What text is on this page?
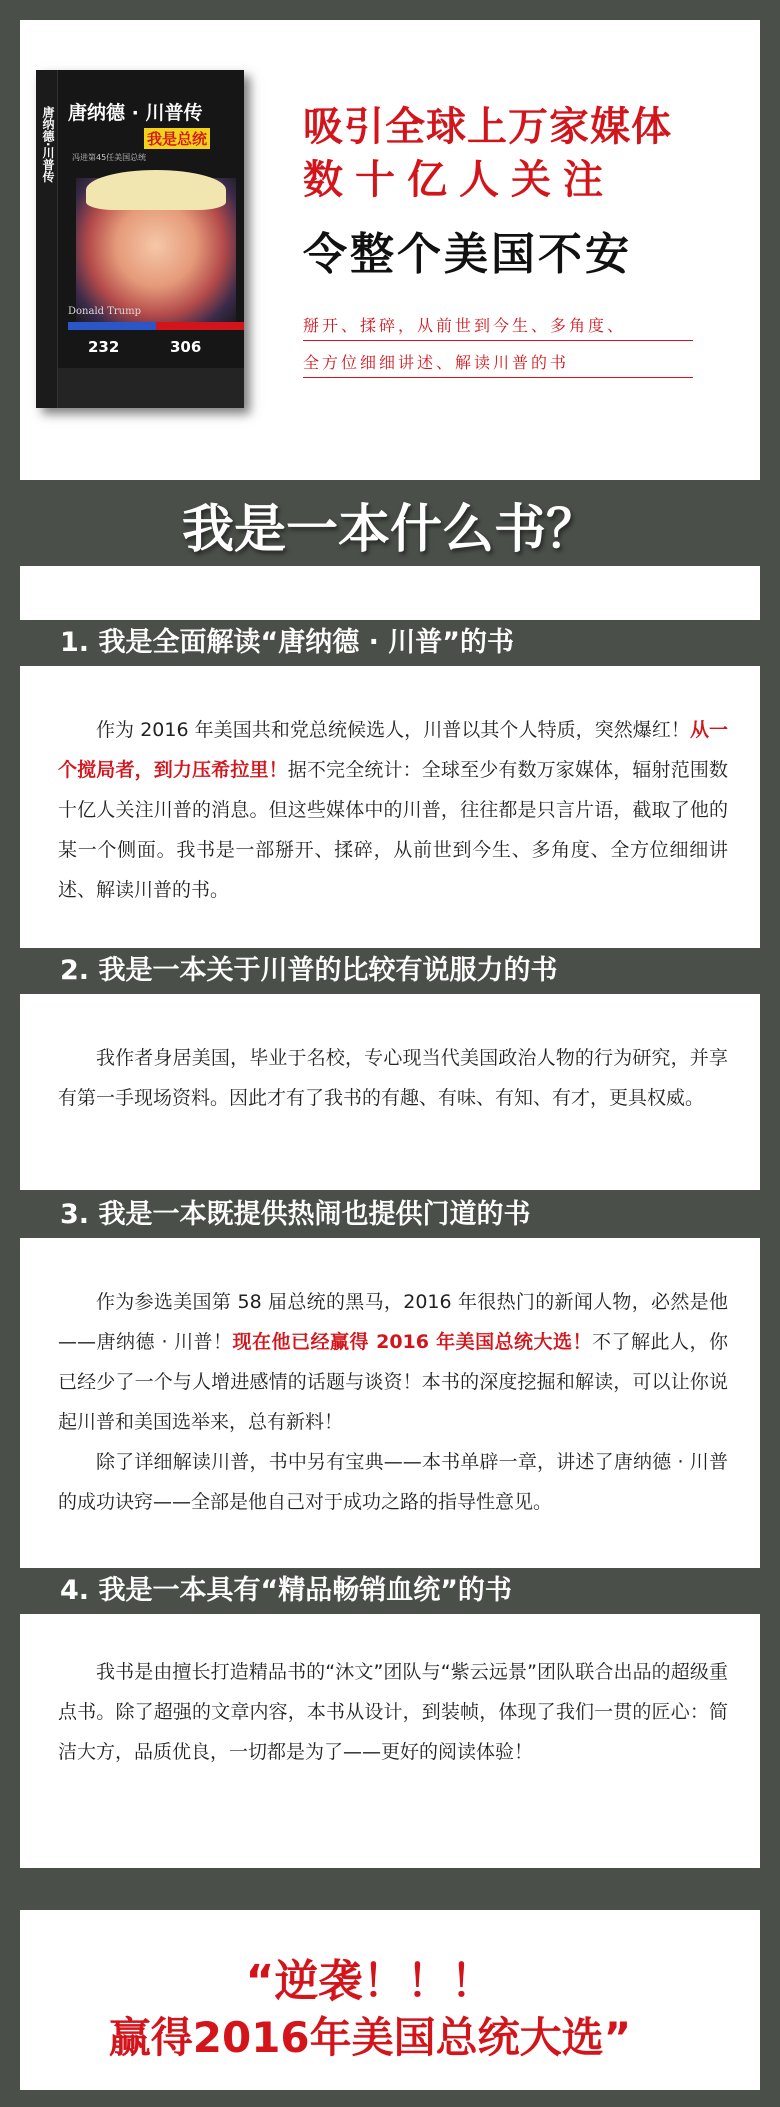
唐纳德·川普传 唐纳德 · 川普传
我是总统
冯进第45任美国总统
Donald Trump
232	306
吸引全球上万家媒体
数十亿人关注
令整个美国不安
掰开、揉碎，从前世到今生、多角度、
全方位细细讲述、解读川普的书
我是一本什么书？
1. 我是全面解读“唐纳德 · 川普”的书
作为 2016 年美国共和党总统候选人，川普以其个人特质，突然爆红！从一个搅局者，到力压希拉里！据不完全统计：全球至少有数万家媒体，辐射范围数十亿人关注川普的消息。但这些媒体中的川普，往往都是只言片语，截取了他的某一个侧面。我书是一部掰开、揉碎，从前世到今生、多角度、全方位细细讲述、解读川普的书。
2. 我是一本关于川普的比较有说服力的书
我作者身居美国，毕业于名校，专心现当代美国政治人物的行为研究，并享有第一手现场资料。因此才有了我书的有趣、有味、有知、有才，更具权威。
3. 我是一本既提供热闹也提供门道的书
作为参选美国第 58 届总统的黑马，2016 年很热门的新闻人物，必然是他——唐纳德 · 川普！现在他已经赢得 2016 年美国总统大选！不了解此人，你已经少了一个与人增进感情的话题与谈资！本书的深度挖掘和解读，可以让你说起川普和美国选举来，总有新料！
除了详细解读川普，书中另有宝典——本书单辟一章，讲述了唐纳德 · 川普的成功诀窍——全部是他自己对于成功之路的指导性意见。
4. 我是一本具有“精品畅销血统”的书
我书是由擅长打造精品书的“沐文”团队与“紫云远景”团队联合出品的超级重点书。除了超强的文章内容，本书从设计，到装帧，体现了我们一贯的匠心：简洁大方，品质优良，一切都是为了——更好的阅读体验！
“逆袭！！！
赢得2016年美国总统大选”
